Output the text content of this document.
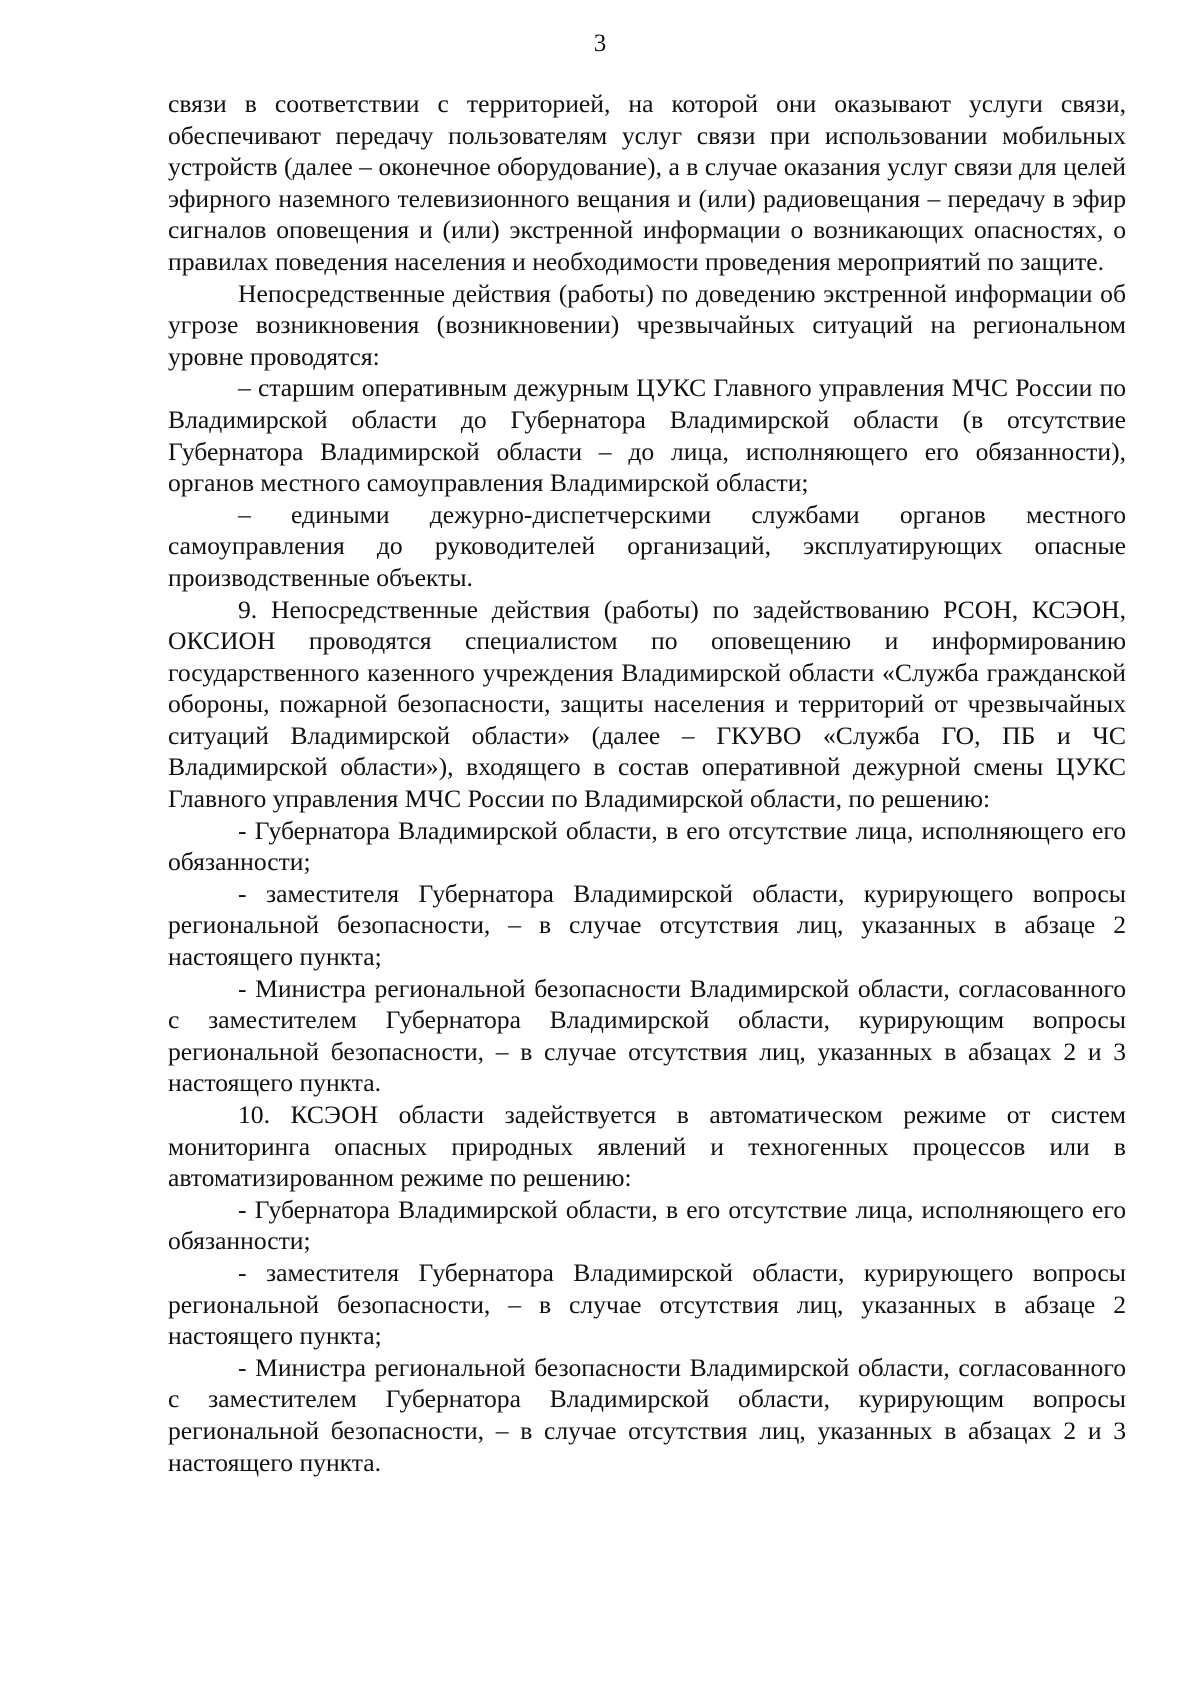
3

связи в соответствии с территорией, на которой они оказывают услуги связи, обеспечивают передачу пользователям услуг связи при использовании мобильных устройств (далее – оконечное оборудование), а в случае оказания услуг связи для целей эфирного наземного телевизионного вещания и (или) радиовещания – передачу в эфир сигналов оповещения и (или) экстренной информации о возникающих опасностях, о правилах поведения населения и необходимости проведения мероприятий по защите.

Непосредственные действия (работы) по доведению экстренной информации об угрозе возникновения (возникновении) чрезвычайных ситуаций на региональном уровне проводятся:

– старшим оперативным дежурным ЦУКС Главного управления МЧС России по Владимирской области до Губернатора Владимирской области (в отсутствие Губернатора Владимирской области – до лица, исполняющего его обязанности), органов местного самоуправления Владимирской области;

– едиными дежурно-диспетчерскими службами органов местного самоуправления до руководителей организаций, эксплуатирующих опасные производственные объекты.

9. Непосредственные действия (работы) по задействованию РСОН, КСЭОН, ОКСИОН проводятся специалистом по оповещению и информированию государственного казенного учреждения Владимирской области «Служба гражданской обороны, пожарной безопасности, защиты населения и территорий от чрезвычайных ситуаций Владимирской области» (далее – ГКУВО «Служба ГО, ПБ и ЧС Владимирской области»), входящего в состав оперативной дежурной смены ЦУКС Главного управления МЧС России по Владимирской области, по решению:

- Губернатора Владимирской области, в его отсутствие лица, исполняющего его обязанности;

- заместителя Губернатора Владимирской области, курирующего вопросы региональной безопасности, – в случае отсутствия лиц, указанных в абзаце 2 настоящего пункта;

- Министра региональной безопасности Владимирской области, согласованного с заместителем Губернатора Владимирской области, курирующим вопросы региональной безопасности, – в случае отсутствия лиц, указанных в абзацах 2 и 3 настоящего пункта.

10. КСЭОН области задействуется в автоматическом режиме от систем мониторинга опасных природных явлений и техногенных процессов или в автоматизированном режиме по решению:

- Губернатора Владимирской области, в его отсутствие лица, исполняющего его обязанности;

- заместителя Губернатора Владимирской области, курирующего вопросы региональной безопасности, – в случае отсутствия лиц, указанных в абзаце 2 настоящего пункта;

- Министра региональной безопасности Владимирской области, согласованного с заместителем Губернатора Владимирской области, курирующим вопросы региональной безопасности, – в случае отсутствия лиц, указанных в абзацах 2 и 3 настоящего пункта.
